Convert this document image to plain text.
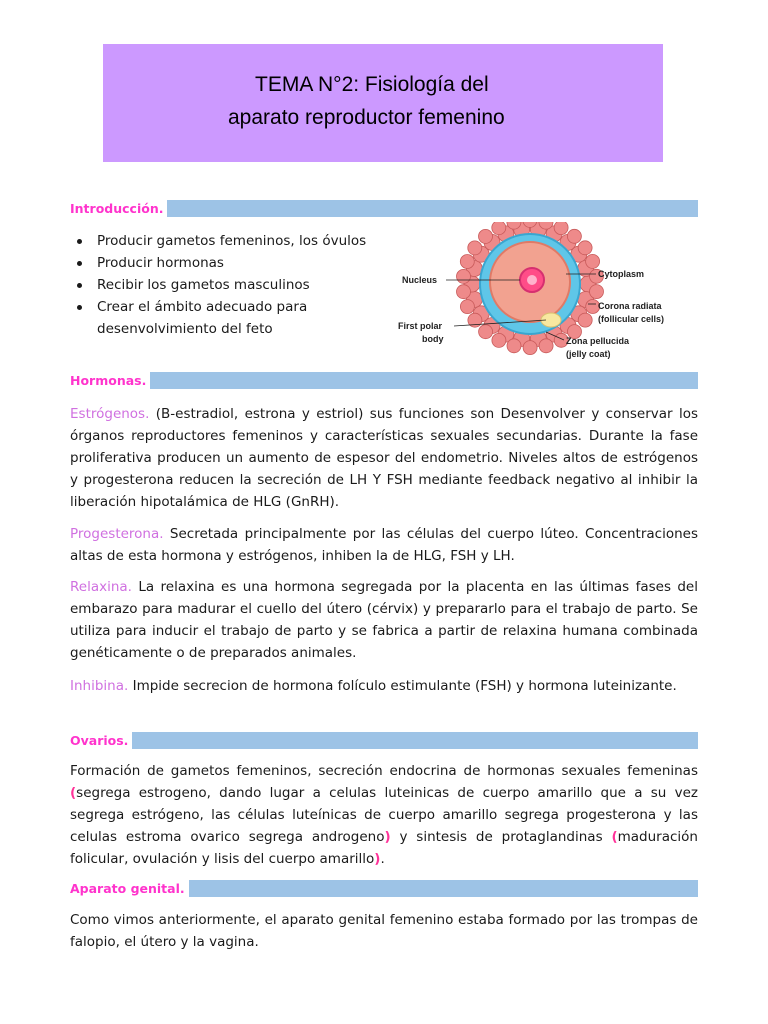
TEMA N°2: Fisiología del
aparato reproductor femenino
Introducción.
Producir gametos femeninos, los óvulos
Producir hormonas
Recibir los gametos masculinos
Crear el ámbito adecuado para desenvolvimiento del feto
Nucleus
First polar
body
Cytoplasm
Corona radiata
(follicular cells)
Zona pellucida
(jelly coat)
Hormonas.

Estrógenos. (B-estradiol, estrona y estriol) sus funciones son Desenvolver y conservar los órganos reproductores femeninos y características sexuales secundarias. Durante la fase proliferativa producen un aumento de espesor del endometrio. Niveles altos de estrógenos y progesterona reducen la secreción de LH Y FSH mediante feedback negativo al inhibir la liberación hipotalámica de HLG (GnRH).

Progesterona. Secretada principalmente por las células del cuerpo lúteo. Concentraciones altas de esta hormona y estrógenos, inhiben la de HLG, FSH y LH.

Relaxina. La relaxina es una hormona segregada por la placenta en las últimas fases del embarazo para madurar el cuello del útero (cérvix) y prepararlo para el trabajo de parto. Se utiliza para inducir el trabajo de parto y se fabrica a partir de relaxina humana combinada genéticamente o de preparados animales.

Inhibina. Impide secrecion de hormona folículo estimulante (FSH) y hormona luteinizante.

Ovarios.

Formación de gametos femeninos, secreción endocrina de hormonas sexuales femeninas (segrega estrogeno, dando lugar a celulas luteinicas de cuerpo amarillo que a su vez segrega estrógeno, las células luteínicas de cuerpo amarillo segrega progesterona y las celulas estroma ovarico segrega androgeno) y sintesis de protaglandinas (maduración folicular, ovulación y lisis del cuerpo amarillo).

Aparato genital.

Como vimos anteriormente, el aparato genital femenino estaba formado por las trompas de falopio, el útero y la vagina.
